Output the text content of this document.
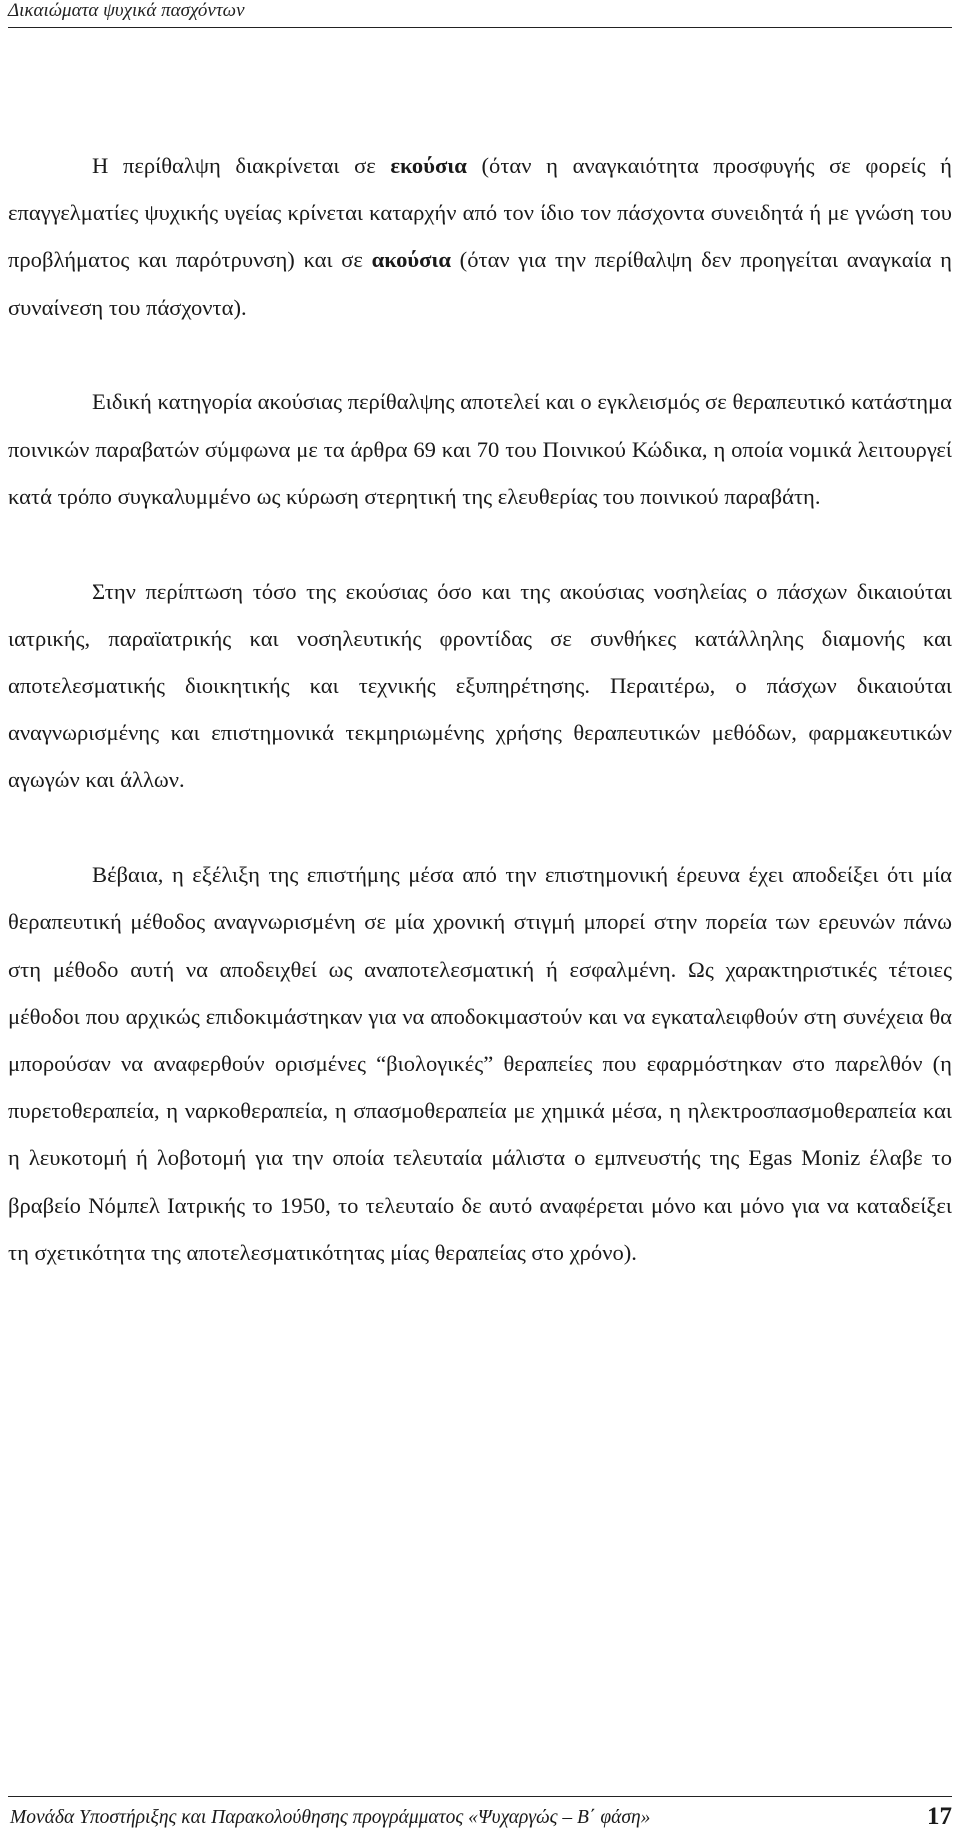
Δικαιώματα ψυχικά πασχόντων

Η περίθαλψη διακρίνεται σε εκούσια (όταν η αναγκαιότητα προσφυγής σε φορείς ή επαγγελματίες ψυχικής υγείας κρίνεται καταρχήν από τον ίδιο τον πάσχοντα συνειδητά ή με γνώση του προβλήματος και παρότρυνση) και σε ακούσια (όταν για την περίθαλψη δεν προηγείται αναγκαία η συναίνεση του πάσχοντα).

Ειδική κατηγορία ακούσιας περίθαλψης αποτελεί και ο εγκλεισμός σε θεραπευτικό κατάστημα ποινικών παραβατών σύμφωνα με τα άρθρα 69 και 70 του Ποινικού Κώδικα, η οποία νομικά λειτουργεί κατά τρόπο συγκαλυμμένο ως κύρωση στερητική της ελευθερίας του ποινικού παραβάτη.

Στην περίπτωση τόσο της εκούσιας όσο και της ακούσιας νοσηλείας ο πάσχων δικαιούται ιατρικής, παραϊατρικής και νοσηλευτικής φροντίδας σε συνθήκες κατάλληλης διαμονής και αποτελεσματικής διοικητικής και τεχνικής εξυπηρέτησης. Περαιτέρω, ο πάσχων δικαιούται αναγνωρισμένης και επιστημονικά τεκμηριωμένης χρήσης θεραπευτικών μεθόδων, φαρμακευτικών αγωγών και άλλων.

Βέβαια, η εξέλιξη της επιστήμης μέσα από την επιστημονική έρευνα έχει αποδείξει ότι μία θεραπευτική μέθοδος αναγνωρισμένη σε μία χρονική στιγμή μπορεί στην πορεία των ερευνών πάνω στη μέθοδο αυτή να αποδειχθεί ως αναποτελεσματική ή εσφαλμένη. Ως χαρακτηριστικές τέτοιες μέθοδοι που αρχικώς επιδοκιμάστηκαν για να αποδοκιμαστούν και να εγκαταλειφθούν στη συνέχεια θα μπορούσαν να αναφερθούν ορισμένες “βιολογικές” θεραπείες που εφαρμόστηκαν στο παρελθόν (η πυρετοθεραπεία, η ναρκοθεραπεία, η σπασμοθεραπεία με χημικά μέσα, η ηλεκτροσπασμοθεραπεία και η λευκοτομή ή λοβοτομή για την οποία τελευταία μάλιστα ο εμπνευστής της Egas Moniz έλαβε το βραβείο Νόμπελ Ιατρικής το 1950, το τελευταίο δε αυτό αναφέρεται μόνο και μόνο για να καταδείξει τη σχετικότητα της αποτελεσματικότητας μίας θεραπείας στο χρόνο).

Μονάδα Υποστήριξης και Παρακολούθησης προγράμματος «Ψυχαργώς – Β΄ φάση»	17
